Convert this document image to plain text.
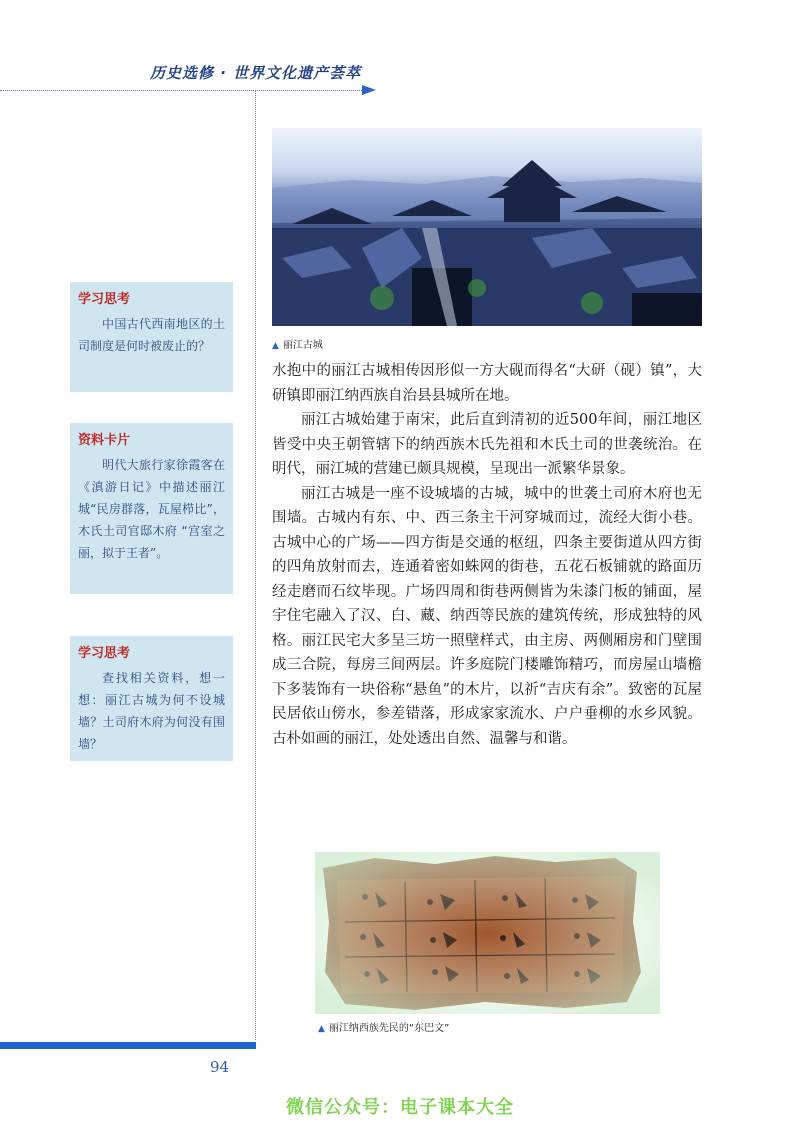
历史选修 · 世界文化遗产荟萃
学习思考
中国古代西南地区的土司制度是何时被废止的？
资料卡片
明代大旅行家徐霞客在《滇游日记》中描述丽江城“民房群落，瓦屋栉比”，木氏土司官邸木府 “宫室之丽，拟于王者”。
学习思考
查找相关资料，想一想：丽江古城为何不设城墙？土司府木府为何没有围墙？
▲ 丽江古城

水抱中的丽江古城相传因形似一方大砚而得名“大研（砚）镇”，大研镇即丽江纳西族自治县县城所在地。

丽江古城始建于南宋，此后直到清初的近500年间，丽江地区皆受中央王朝管辖下的纳西族木氏先祖和木氏土司的世袭统治。在明代，丽江城的营建已颇具规模，呈现出一派繁华景象。

丽江古城是一座不设城墙的古城，城中的世袭土司府木府也无围墙。古城内有东、中、西三条主干河穿城而过，流经大街小巷。古城中心的广场——四方街是交通的枢纽，四条主要街道从四方街的四角放射而去，连通着密如蛛网的街巷，五花石板铺就的路面历经走磨而石纹毕现。广场四周和街巷两侧皆为朱漆门板的铺面，屋宇住宅融入了汉、白、藏、纳西等民族的建筑传统，形成独特的风格。丽江民宅大多呈三坊一照壁样式，由主房、两侧厢房和门壁围成三合院，每房三间两层。许多庭院门楼雕饰精巧，而房屋山墙檐下多装饰有一块俗称“悬鱼”的木片，以祈“吉庆有余”。致密的瓦屋民居依山傍水，参差错落，形成家家流水、户户垂柳的水乡风貌。古朴如画的丽江，处处透出自然、温馨与和谐。

▲ 丽江纳西族先民的“东巴文”
94
微信公众号：电子课本大全
